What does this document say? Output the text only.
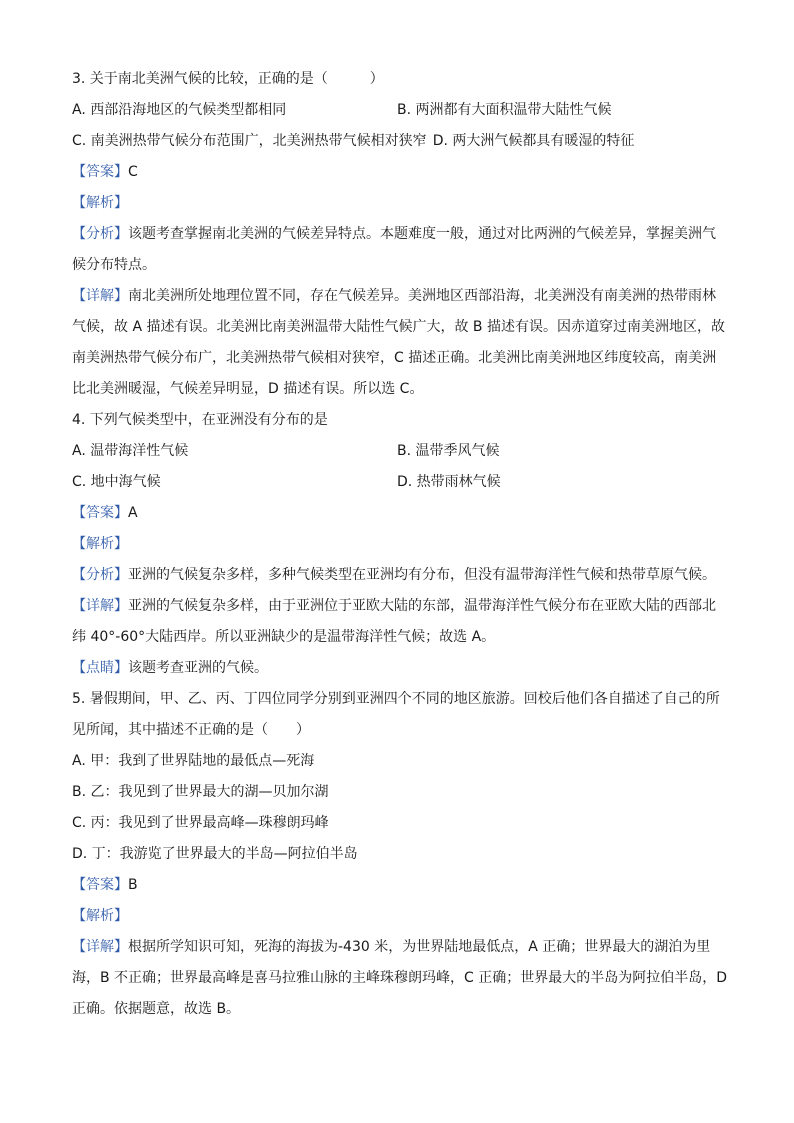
3. 关于南北美洲气候的比较，正确的是（　　　）
A. 西部沿海地区的气候类型都相同	B. 两洲都有大面积温带大陆性气候
C. 南美洲热带气候分布范围广，北美洲热带气候相对狭窄 D. 两大洲气候都具有暖湿的特征
【答案】C
【解析】
【分析】该题考查掌握南北美洲的气候差异特点。本题难度一般，通过对比两洲的气候差异，掌握美洲气
候分布特点。
【详解】南北美洲所处地理位置不同，存在气候差异。美洲地区西部沿海，北美洲没有南美洲的热带雨林
气候，故 A 描述有误。北美洲比南美洲温带大陆性气候广大，故 B 描述有误。因赤道穿过南美洲地区，故
南美洲热带气候分布广，北美洲热带气候相对狭窄，C 描述正确。北美洲比南美洲地区纬度较高，南美洲
比北美洲暖湿，气候差异明显，D 描述有误。所以选 C。
4. 下列气候类型中，在亚洲没有分布的是
A. 温带海洋性气候	B. 温带季风气候
C. 地中海气候	D. 热带雨林气候
【答案】A
【解析】
【分析】亚洲的气候复杂多样，多种气候类型在亚洲均有分布，但没有温带海洋性气候和热带草原气候。
【详解】亚洲的气候复杂多样，由于亚洲位于亚欧大陆的东部，温带海洋性气候分布在亚欧大陆的西部北
纬 40°-60°大陆西岸。所以亚洲缺少的是温带海洋性气候；故选 A。
【点睛】该题考查亚洲的气候。
5. 暑假期间，甲、乙、丙、丁四位同学分别到亚洲四个不同的地区旅游。回校后他们各自描述了自己的所
见所闻，其中描述不正确的是（　　）
A. 甲：我到了世界陆地的最低点—死海
B. 乙：我见到了世界最大的湖—贝加尔湖
C. 丙：我见到了世界最高峰—珠穆朗玛峰
D. 丁：我游览了世界最大的半岛—阿拉伯半岛
【答案】B
【解析】
【详解】根据所学知识可知，死海的海拔为-430 米，为世界陆地最低点，A 正确；世界最大的湖泊为里
海，B 不正确；世界最高峰是喜马拉雅山脉的主峰珠穆朗玛峰，C 正确；世界最大的半岛为阿拉伯半岛，D
正确。依据题意，故选 B。
